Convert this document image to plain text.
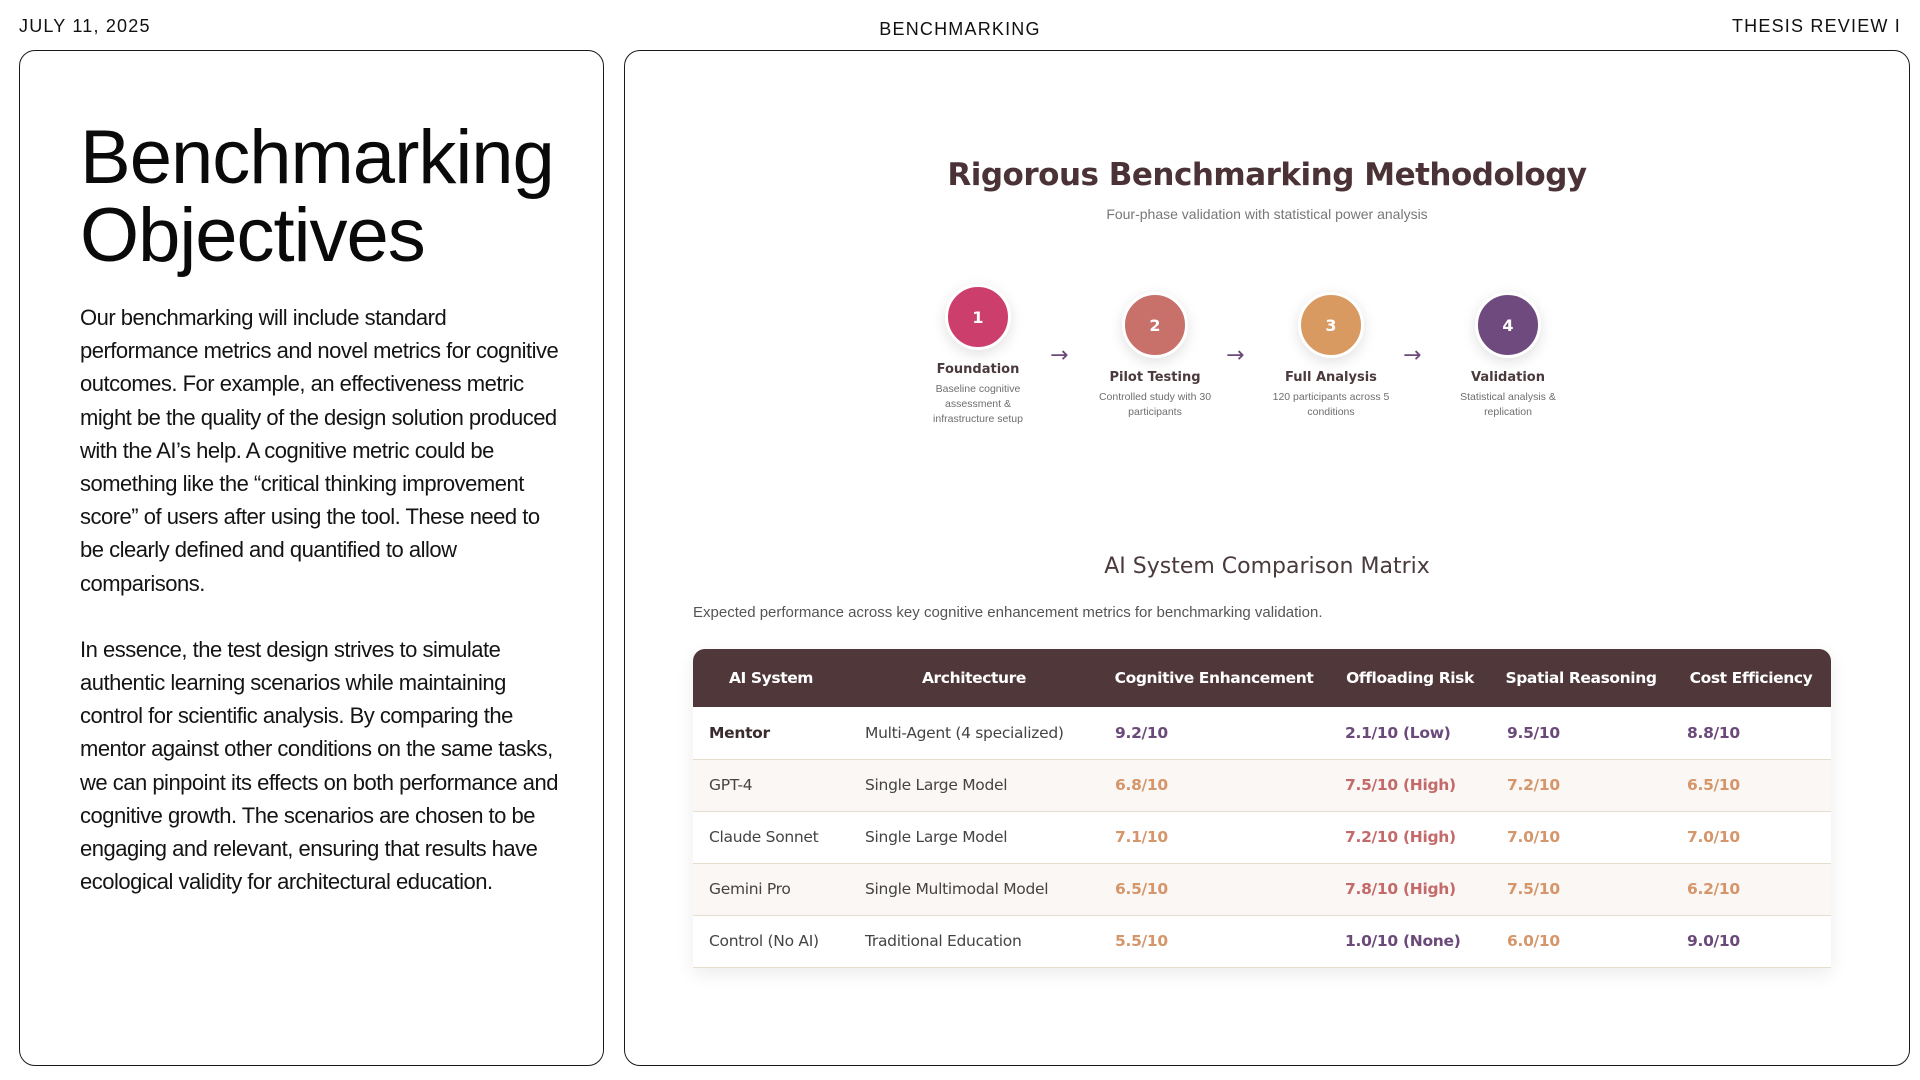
JULY 11, 2025	BENCHMARKING	THESIS REVIEW I
Benchmarking
Objectives

Our benchmarking will include standard performance metrics and novel metrics for cognitive outcomes. For example, an effectiveness metric might be the quality of the design solution produced with the AI’s help. A cognitive metric could be something like the “critical thinking improvement score” of users after using the tool. These need to be clearly defined and quantified to allow comparisons.

In essence, the test design strives to simulate authentic learning scenarios while maintaining control for scientific analysis. By comparing the mentor against other conditions on the same tasks, we can pinpoint its effects on both performance and cognitive growth. The scenarios are chosen to be engaging and relevant, ensuring that results have ecological validity for architectural education.

Rigorous Benchmarking Methodology
Four-phase validation with statistical power analysis
1
Foundation
Baseline cognitive assessment & infrastructure setup
→
2
Pilot Testing
Controlled study with 30 participants
→
3
Full Analysis
120 participants across 5 conditions
→
4
Validation
Statistical analysis & replication
AI System Comparison Matrix
Expected performance across key cognitive enhancement metrics for benchmarking validation.
AI System	Architecture	Cognitive Enhancement	Offloading Risk	Spatial Reasoning	Cost Efficiency
Mentor	Multi-Agent (4 specialized)	9.2/10	2.1/10 (Low)	9.5/10	8.8/10
GPT-4	Single Large Model	6.8/10	7.5/10 (High)	7.2/10	6.5/10
Claude Sonnet	Single Large Model	7.1/10	7.2/10 (High)	7.0/10	7.0/10
Gemini Pro	Single Multimodal Model	6.5/10	7.8/10 (High)	7.5/10	6.2/10
Control (No AI)	Traditional Education	5.5/10	1.0/10 (None)	6.0/10	9.0/10
